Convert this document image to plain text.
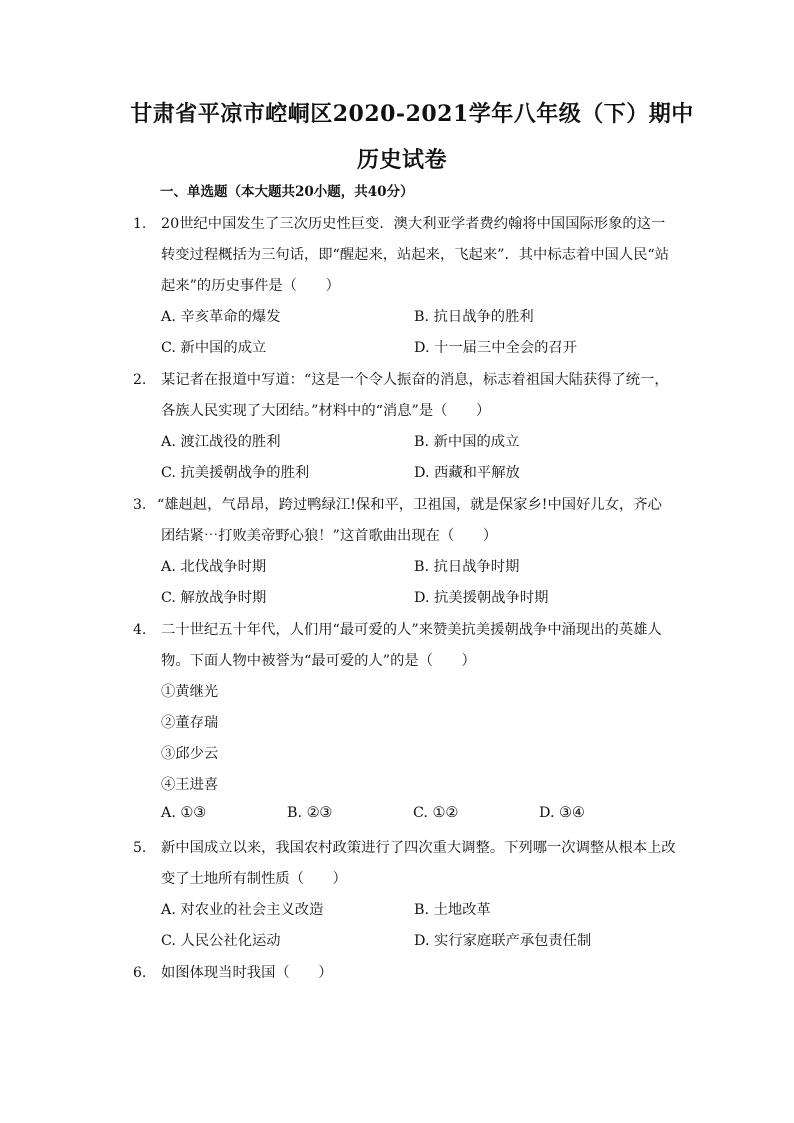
甘肃省平凉市崆峒区2020-2021学年八年级（下）期中
历史试卷
一、单选题（本大题共20小题，共40分）
1. 20世纪中国发生了三次历史性巨变．澳大利亚学者费约翰将中国国际形象的这一
转变过程概括为三句话，即“醒起来，站起来，飞起来”．其中标志着中国人民“站
起来”的历史事件是（　　）
A. 辛亥革命的爆发	B. 抗日战争的胜利
C. 新中国的成立	D. 十一届三中全会的召开
2. 某记者在报道中写道：“这是一个令人振奋的消息，标志着祖国大陆获得了统一，
各族人民实现了大团结。”材料中的“消息”是（　　）
A. 渡江战役的胜利	B. 新中国的成立
C. 抗美援朝战争的胜利	D. 西藏和平解放
3. “雄赳赳，气昂昂，跨过鸭绿江!保和平，卫祖国，就是保家乡!中国好儿女，齐心
团结紧⋯打败美帝野心狼！”这首歌曲出现在（　　）
A. 北伐战争时期	B. 抗日战争时期
C. 解放战争时期	D. 抗美援朝战争时期
4. 二十世纪五十年代，人们用“最可爱的人”来赞美抗美援朝战争中涌现出的英雄人
物。下面人物中被誉为“最可爱的人”的是（　　）
①黄继光
②董存瑞
③邱少云
④王进喜
A. ①③	B. ②③	C. ①②	D. ③④
5. 新中国成立以来，我国农村政策进行了四次重大调整。下列哪一次调整从根本上改
变了土地所有制性质（　　）
A. 对农业的社会主义改造	B. 土地改革
C. 人民公社化运动	D. 实行家庭联产承包责任制
6. 如图体现当时我国（　　）
